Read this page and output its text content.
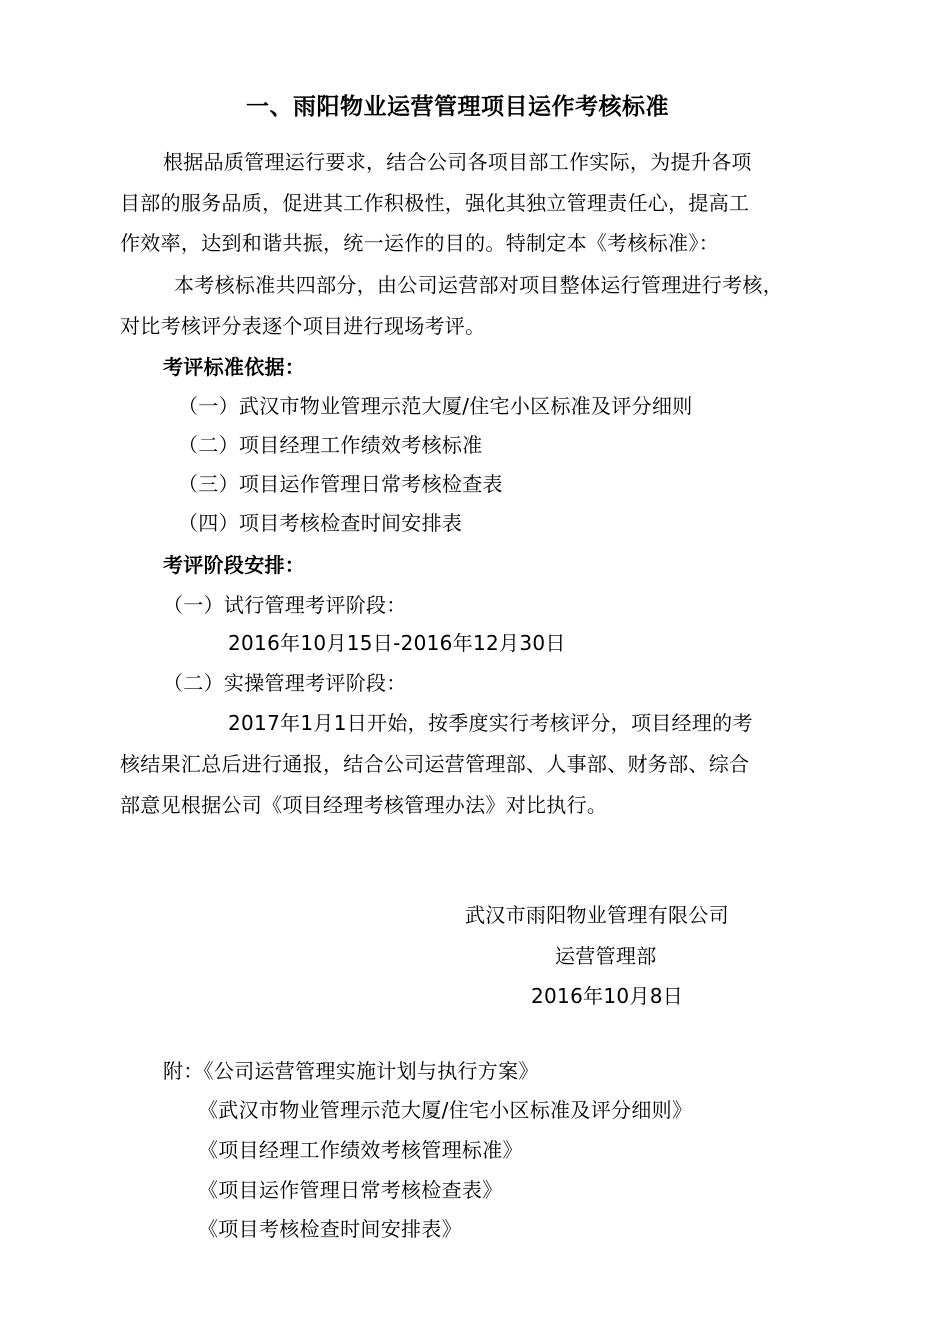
一、雨阳物业运营管理项目运作考核标准
根据品质管理运行要求，结合公司各项目部工作实际，为提升各项
目部的服务品质，促进其工作积极性，强化其独立管理责任心，提高工
作效率，达到和谐共振，统一运作的目的。特制定本《考核标准》：
本考核标准共四部分，由公司运营部对项目整体运行管理进行考核，
对比考核评分表逐个项目进行现场考评。
考评标准依据：
（一）武汉市物业管理示范大厦/住宅小区标准及评分细则
（二）项目经理工作绩效考核标准
（三）项目运作管理日常考核检查表
（四）项目考核检查时间安排表
考评阶段安排：
（一）试行管理考评阶段：
2016年10月15日-2016年12月30日
（二）实操管理考评阶段：
2017年1月1日开始，按季度实行考核评分，项目经理的考
核结果汇总后进行通报，结合公司运营管理部、人事部、财务部、综合
部意见根据公司《项目经理考核管理办法》对比执行。
武汉市雨阳物业管理有限公司
运营管理部
2016年10月8日
附：《公司运营管理实施计划与执行方案》
《武汉市物业管理示范大厦/住宅小区标准及评分细则》
《项目经理工作绩效考核管理标准》
《项目运作管理日常考核检查表》
《项目考核检查时间安排表》
